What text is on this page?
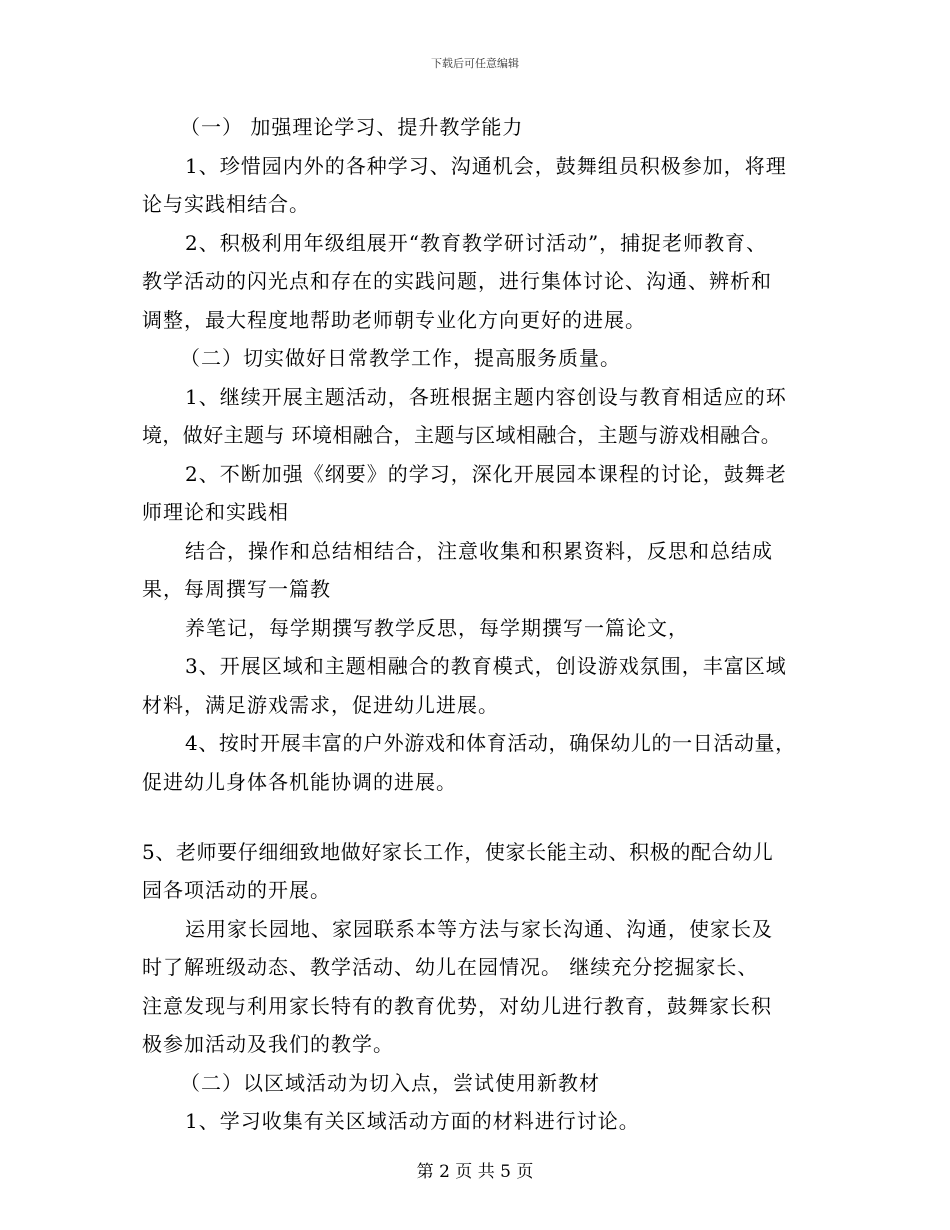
下载后可任意编辑
（一） 加强理论学习、提升教学能力
1、珍惜园内外的各种学习、沟通机会，鼓舞组员积极参加，将理
论与实践相结合。
2、积极利用年级组展开“教育教学研讨活动”，捕捉老师教育、
教学活动的闪光点和存在的实践问题，进行集体讨论、沟通、辨析和
调整，最大程度地帮助老师朝专业化方向更好的进展。
（二）切实做好日常教学工作，提高服务质量。
1、继续开展主题活动，各班根据主题内容创设与教育相适应的环
境，做好主题与 环境相融合，主题与区域相融合，主题与游戏相融合。
2、不断加强《纲要》的学习，深化开展园本课程的讨论，鼓舞老
师理论和实践相
结合，操作和总结相结合，注意收集和积累资料，反思和总结成
果，每周撰写一篇教
养笔记，每学期撰写教学反思，每学期撰写一篇论文，
3、开展区域和主题相融合的教育模式，创设游戏氛围，丰富区域
材料，满足游戏需求，促进幼儿进展。
4、按时开展丰富的户外游戏和体育活动，确保幼儿的一日活动量，
促进幼儿身体各机能协调的进展。
5、老师要仔细细致地做好家长工作，使家长能主动、积极的配合幼儿
园各项活动的开展。
运用家长园地、家园联系本等方法与家长沟通、沟通，使家长及
时了解班级动态、教学活动、幼儿在园情况。 继续充分挖掘家长、
注意发现与利用家长特有的教育优势，对幼儿进行教育，鼓舞家长积
极参加活动及我们的教学。
（二）以区域活动为切入点，尝试使用新教材
1、学习收集有关区域活动方面的材料进行讨论。
第 2 页 共 5 页
